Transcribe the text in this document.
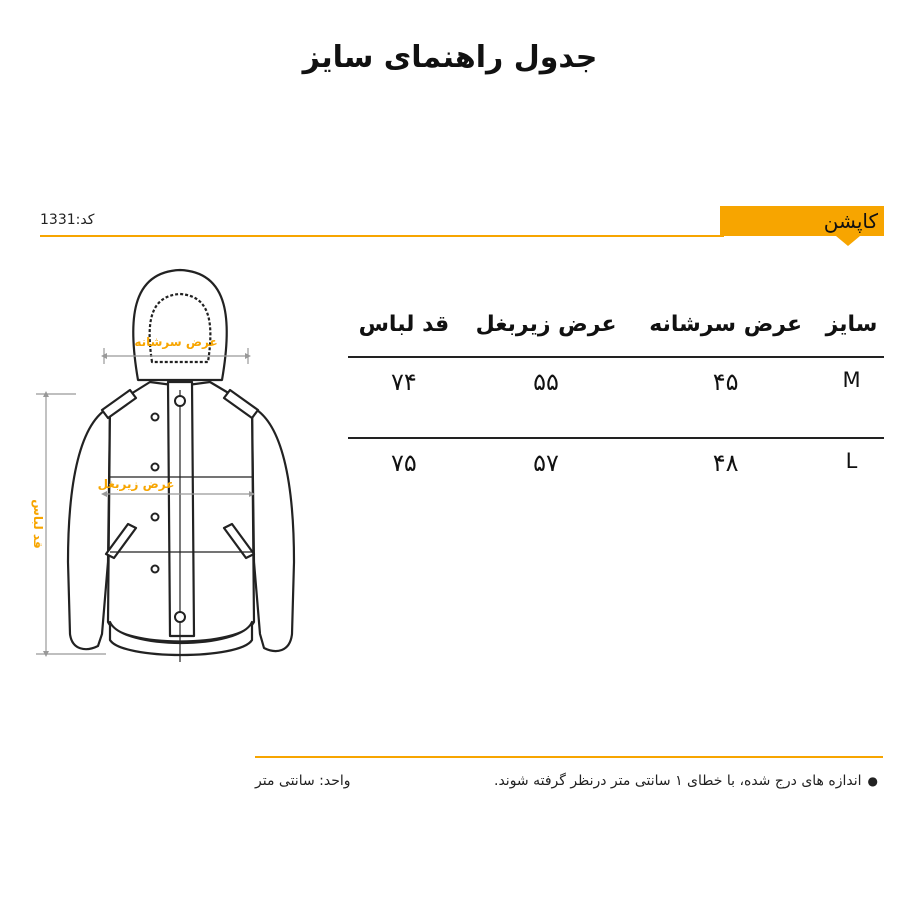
جدول راهنمای سایز
کد:1331	کاپشن
عرض سرشانه
عرض زیربغل
قد لباس
سایز	عرض سرشانه	عرض زیربغل	قد لباس
M	۴۵	۵۵	۷۴
L	۴۸	۵۷	۷۵
●اندازه های درج شده، با خطای ۱ سانتی متر درنظر گرفته شوند.
واحد: سانتی متر
